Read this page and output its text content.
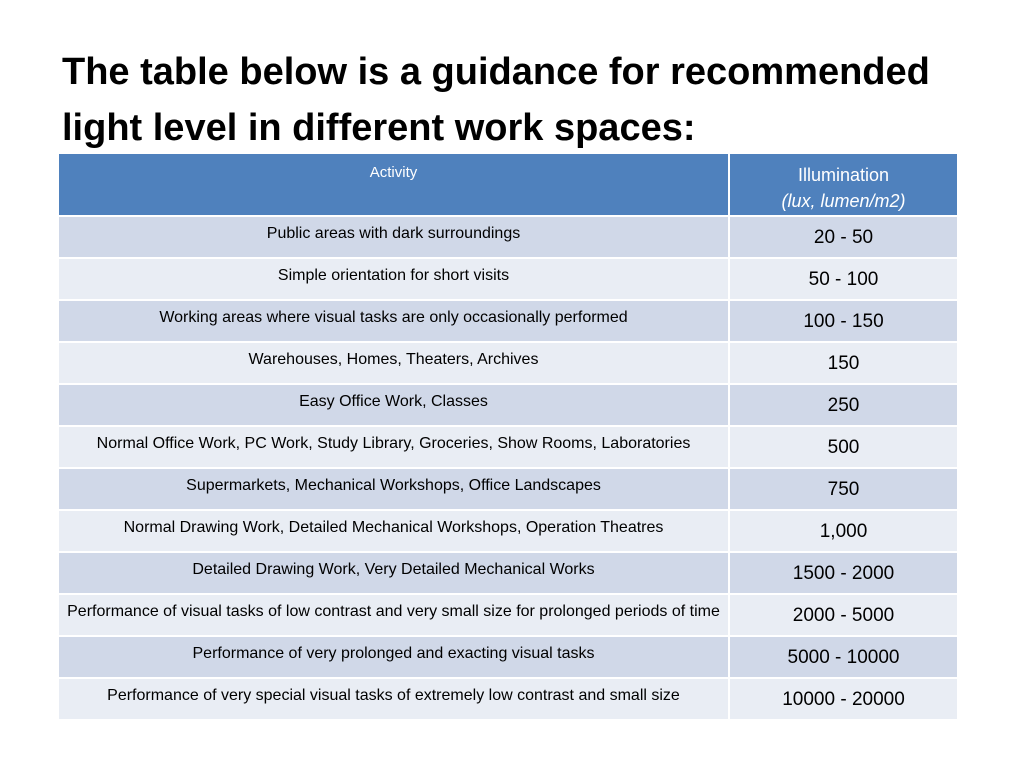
The table below is a guidance for recommended
light level in different work spaces:
Activity	Illumination
(lux, lumen/m2)

Public areas with dark surroundings	20 - 50
Simple orientation for short visits	50 - 100
Working areas where visual tasks are only occasionally performed	100 - 150
Warehouses, Homes, Theaters, Archives	150
Easy Office Work, Classes	250
Normal Office Work, PC Work, Study Library, Groceries, Show Rooms, Laboratories	500
Supermarkets, Mechanical Workshops, Office Landscapes	750
Normal Drawing Work, Detailed Mechanical Workshops, Operation Theatres	1,000
Detailed Drawing Work, Very Detailed Mechanical Works	1500 - 2000
Performance of visual tasks of low contrast and very small size for prolonged periods of time	2000 - 5000
Performance of very prolonged and exacting visual tasks	5000 - 10000
Performance of very special visual tasks of extremely low contrast and small size	10000 - 20000
